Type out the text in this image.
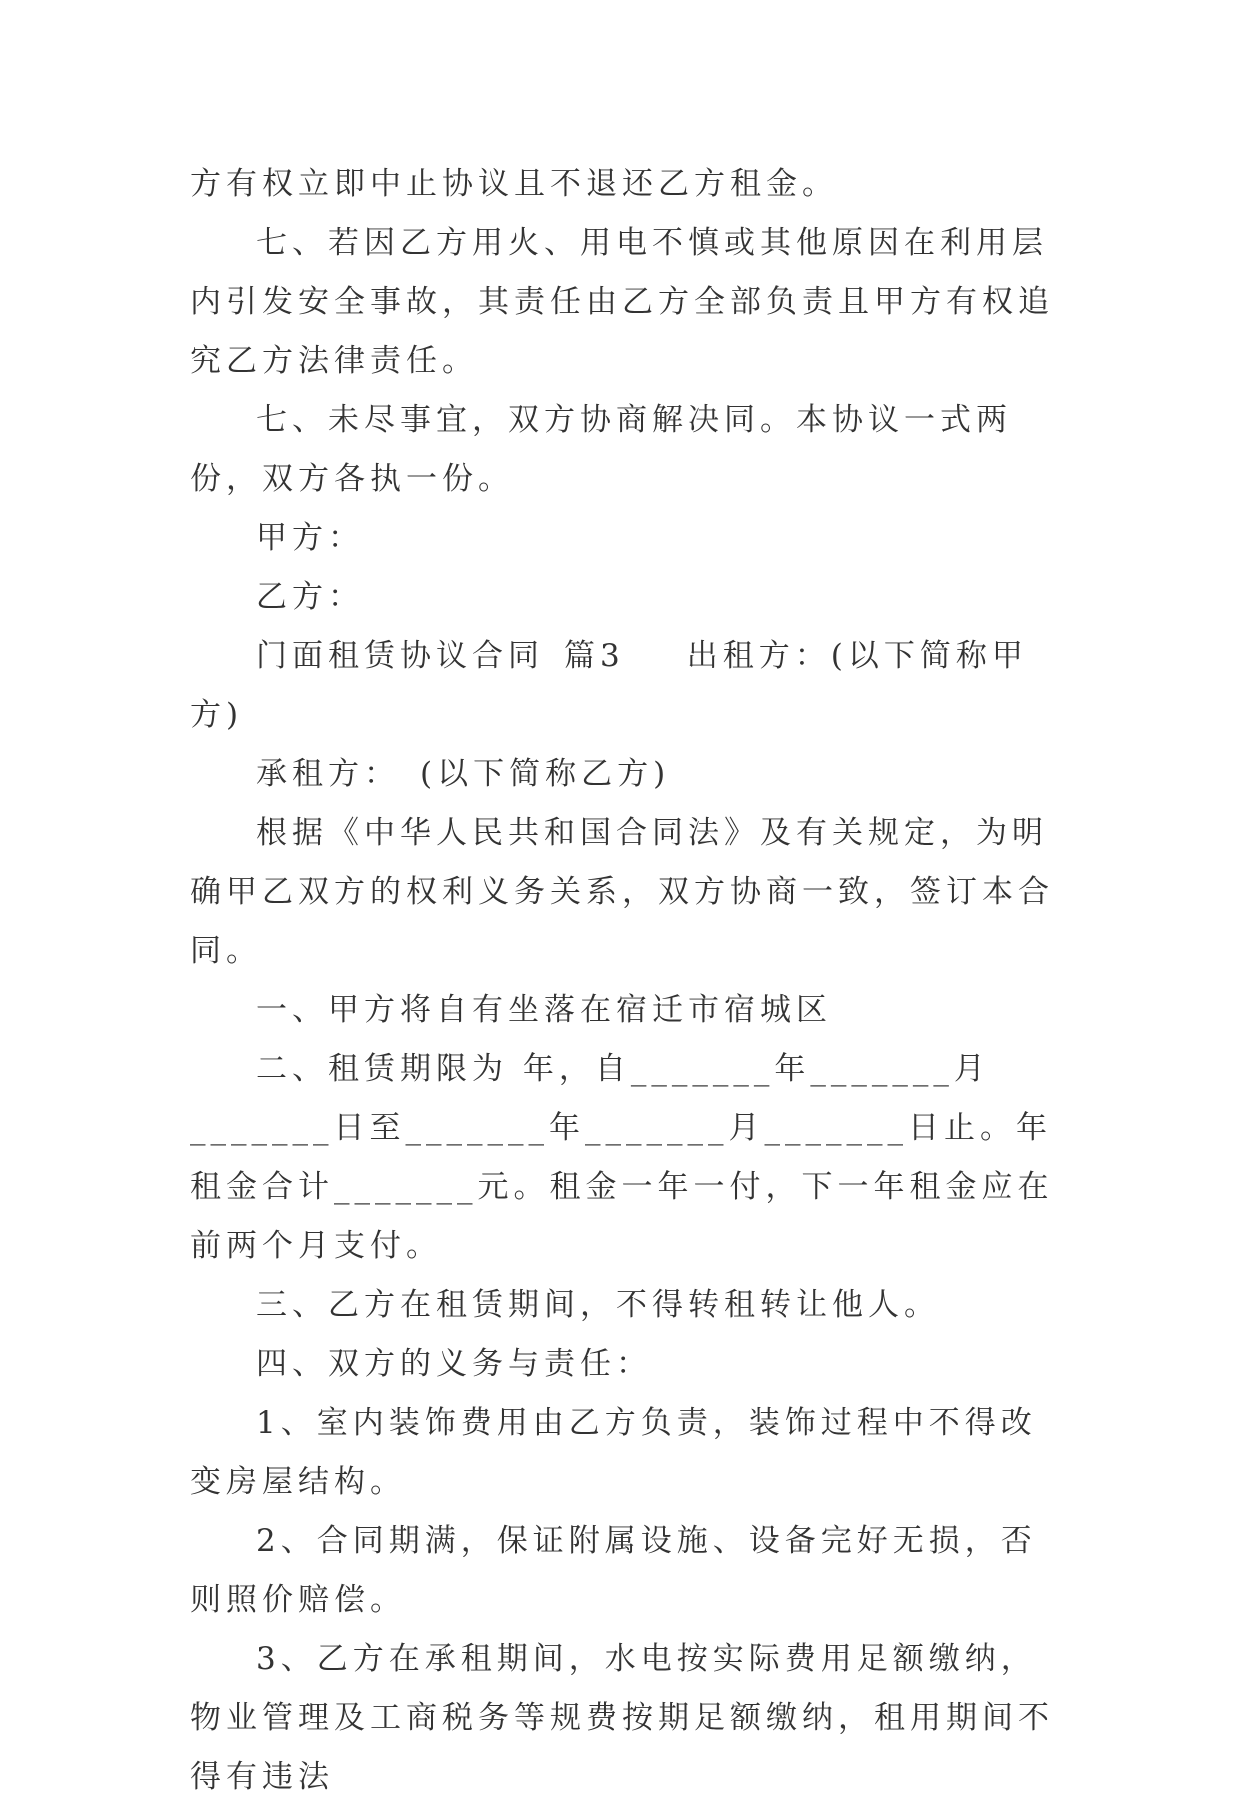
方有权立即中止协议且不退还乙方租金。

七、若因乙方用火、用电不慎或其他原因在利用层内引发安全事故，其责任由乙方全部负责且甲方有权追究乙方法律责任。

七、未尽事宜，双方协商解决同。本协议一式两份，双方各执一份。

甲方：

乙方：

门面租赁协议合同 篇3 出租方：(以下简称甲方)

承租方： (以下简称乙方)

根据《中华人民共和国合同法》及有关规定，为明确甲乙双方的权利义务关系，双方协商一致，签订本合同。

一、甲方将自有坐落在宿迁市宿城区

二、租赁期限为 年，自_______年_______月_______日至_______年_______月_______日止。年租金合计_______元。租金一年一付，下一年租金应在前两个月支付。

三、乙方在租赁期间，不得转租转让他人。

四、双方的义务与责任：

1、室内装饰费用由乙方负责，装饰过程中不得改变房屋结构。

2、合同期满，保证附属设施、设备完好无损，否则照价赔偿。

3、乙方在承租期间，水电按实际费用足额缴纳，物业管理及工商税务等规费按期足额缴纳，租用期间不得有违法
